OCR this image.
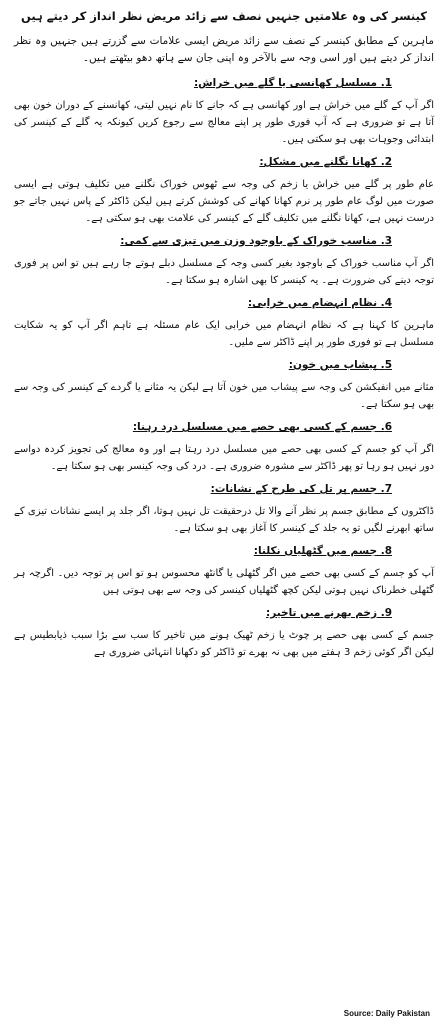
کینسر کی وہ علامتیں جنہیں نصف سے زائد مریض نظر انداز کر دیتے ہیں

ماہرین کے مطابق کینسر کے نصف سے زائد مریض ایسی علامات سے گزرتے ہیں جنہیں وہ نظر انداز کر دیتے ہیں اور اسی وجہ سے بالآخر وہ اپنی جان سے ہاتھ دھو بیٹھتے ہیں۔

1. مسلسل کھانسی یا گلے میں خراش:

اگر آپ کے گلے میں خراش ہے اور کھانسی ہے کہ جانے کا نام نہیں لیتی، کھانسنے کے دوران خون بھی آتا ہے تو ضروری ہے کہ آپ فوری طور پر اپنے معالج سے رجوع کریں کیونکہ یہ گلے کے کینسر کی ابتدائی وجوہات بھی ہو سکتی ہیں۔

2. کھانا نگلنے میں مشکل:

عام طور پر گلے میں خراش یا زخم کی وجہ سے ٹھوس خوراک نگلنے میں تکلیف ہوتی ہے ایسی صورت میں لوگ عام طور پر نرم کھانا کھانے کی کوشش کرتے ہیں لیکن ڈاکٹر کے پاس نہیں جاتے جو درست نہیں ہے، کھانا نگلنے میں تکلیف گلے کے کینسر کی علامت بھی ہو سکتی ہے۔

3. مناسب خوراک کے باوجود وزن میں تیزی سے کمی:

اگر آپ مناسب خوراک کے باوجود بغیر کسی وجہ کے مسلسل دبلے ہوتے جا رہے ہیں تو اس پر فوری توجہ دینے کی ضرورت ہے۔ یہ کینسر کا بھی اشارہ ہو سکتا ہے۔

4. نظام انہضام میں خرابی:

ماہرین کا کہنا ہے کہ نظام انہضام میں خرابی ایک عام مسئلہ ہے تاہم اگر آپ کو یہ شکایت مسلسل ہے تو فوری طور پر اپنے ڈاکٹر سے ملیں۔

5. پیشاب میں خون:

مثانے میں انفیکشن کی وجہ سے پیشاب میں خون آتا ہے لیکن یہ مثانے یا گردے کے کینسر کی وجہ سے بھی ہو سکتا ہے۔

6. جسم کے کسی بھی حصے میں مسلسل درد رہنا:

اگر آپ کو جسم کے کسی بھی حصے میں مسلسل درد رہتا ہے اور وہ معالج کی تجویز کردہ دواسے دور نہیں ہو رہا تو پھر ڈاکٹر سے مشورہ ضروری ہے۔ درد کی وجہ کینسر بھی ہو سکتا ہے۔

7. جسم پر تل کی طرح کے نشانات:

ڈاکٹروں کے مطابق جسم پر نظر آنے والا تل درحقیقت تل نہیں ہوتا، اگر جلد پر ایسے نشانات تیزی کے ساتھ ابھرنے لگیں تو یہ جلد کے کینسر کا آغاز بھی ہو سکتا ہے۔

8. جسم میں گٹھلیاں نکلنا:

آپ کو جسم کے کسی بھی حصے میں اگر گٹھلی یا گانٹھ محسوس ہو تو اس پر توجہ دیں۔ اگرچہ ہر گٹھلی خطرناک نہیں ہوتی لیکن کچھ گٹھلیاں کینسر کی وجہ سے بھی ہوتی ہیں

9. زخم بھرنے میں تاخیر:

جسم کے کسی بھی حصے پر چوٹ یا زخم ٹھیک ہونے میں تاخیر کا سب سے بڑا سبب ذیابطیس ہے لیکن اگر کوئی زخم 3 ہفتے میں بھی نہ بھرے تو ڈاکٹر کو دکھانا انتہائی ضروری ہے

Source: Daily Pakistan
